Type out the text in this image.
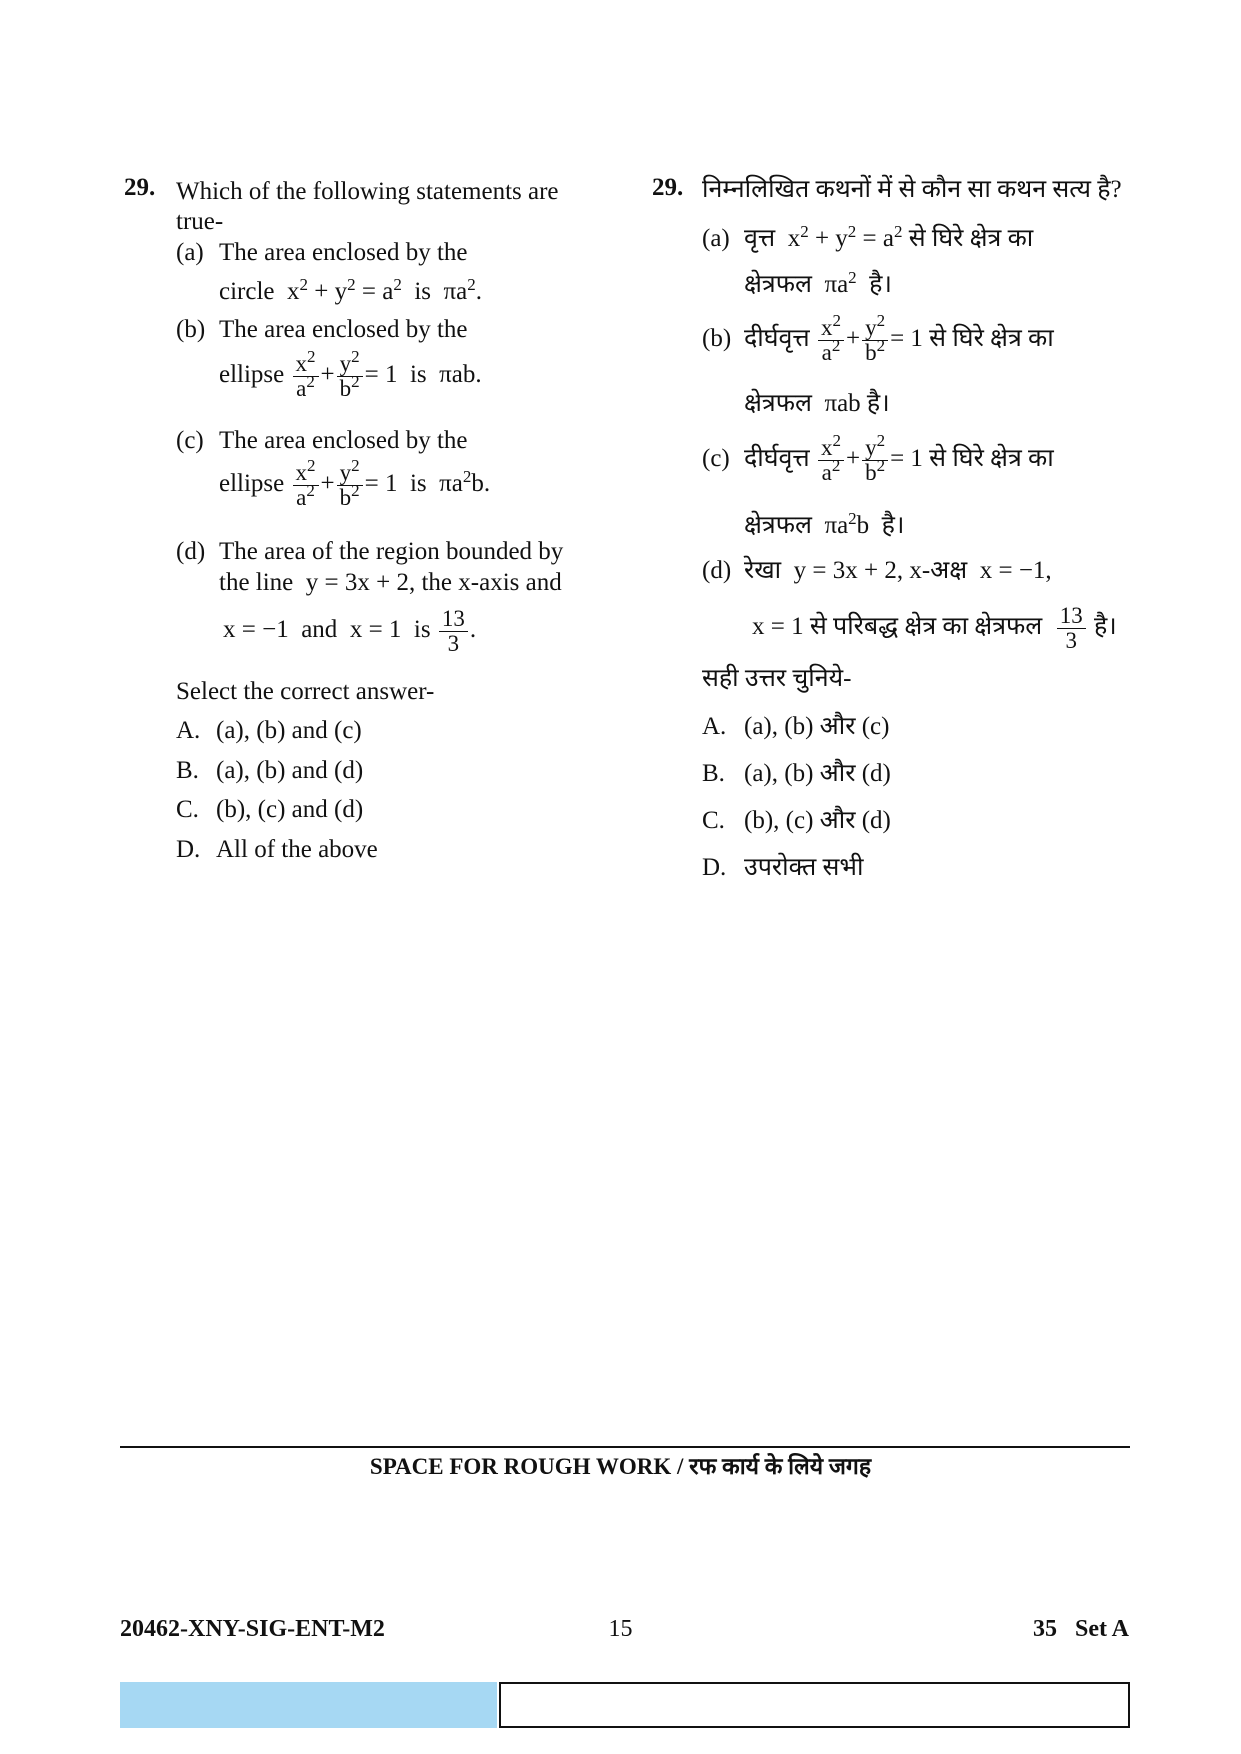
29. Which of the following statements are
true-
(a) The area enclosed by the
circle $x^2 + y^2 = a^2$ is $\pi a^2$.
(b) The area enclosed by the
ellipse $\frac{x^2}{a^2} + \frac{y^2}{b^2} = 1$ is πab.
(c) The area enclosed by the
ellipse $\frac{x^2}{a^2} + \frac{y^2}{b^2} = 1$ is $\pi a^2b$.
(d) The area of the region bounded by
the line y = 3x + 2, the x-axis and
x = −1 and x = 1 is $\frac{13}{3}$ .
Select the correct answer-
A. (a), (b) and (c)
B. (a), (b) and (d)
C. (b), (c) and (d)
D. All of the above
29. निम्नलिखित कथनों में से कौन सा कथन सत्य है?
(a) वृत्त $x^2 + y^2 = a^2$ से घिरे क्षेत्र का
क्षेत्रफल $\pi a^2$ है।
(b) दीर्घवृत्त $\frac{x^2}{a^2} + \frac{y^2}{b^2} = 1$ से घिरे क्षेत्र का
क्षेत्रफल πab है।
(c) दीर्घवृत्त $\frac{x^2}{a^2} + \frac{y^2}{b^2} = 1$ से घिरे क्षेत्र का
क्षेत्रफल $\pi a^2b$ है।
(d) रेखा y = 3x + 2, x-अक्ष x = −1,
x = 1 से परिबद्ध क्षेत्र का क्षेत्रफल $\frac{13}{3}$ है।
सही उत्तर चुनिये-
A. (a), (b) और (c)
B. (a), (b) और (d)
C. (b), (c) और (d)
D. उपरोक्त सभी
SPACE FOR ROUGH WORK / रफ कार्य के लिये जगह
20462-XNY-SIG-ENT-M2	15	35   Set A
